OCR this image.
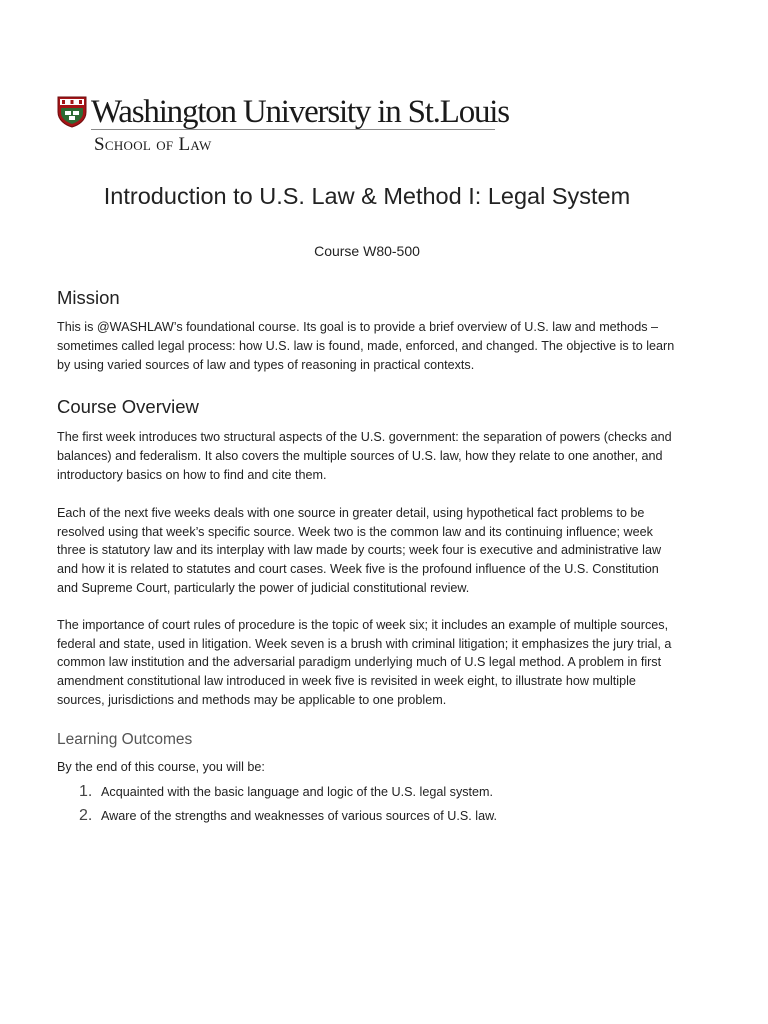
Washington University in St.Louis
School of Law
Introduction to U.S. Law & Method I: Legal System
Course W80-500
Mission

This is @WASHLAW’s foundational course. Its goal is to provide a brief overview of U.S. law and methods – sometimes called legal process: how U.S. law is found, made, enforced, and changed. The objective is to learn by using varied sources of law and types of reasoning in practical contexts.

Course Overview

The first week introduces two structural aspects of the U.S. government: the separation of powers (checks and balances) and federalism. It also covers the multiple sources of U.S. law, how they relate to one another, and introductory basics on how to find and cite them.

Each of the next five weeks deals with one source in greater detail, using hypothetical fact problems to be resolved using that week’s specific source. Week two is the common law and its continuing influence; week three is statutory law and its interplay with law made by courts; week four is executive and administrative law and how it is related to statutes and court cases. Week five is the profound influence of the U.S. Constitution and Supreme Court, particularly the power of judicial constitutional review.

The importance of court rules of procedure is the topic of week six; it includes an example of multiple sources, federal and state, used in litigation. Week seven is a brush with criminal litigation; it emphasizes the jury trial, a common law institution and the adversarial paradigm underlying much of U.S legal method. A problem in first amendment constitutional law introduced in week five is revisited in week eight, to illustrate how multiple sources, jurisdictions and methods may be applicable to one problem.

Learning Outcomes

By the end of this course, you will be:

1. Acquainted with the basic language and logic of the U.S. legal system.
2. Aware of the strengths and weaknesses of various sources of U.S. law.
